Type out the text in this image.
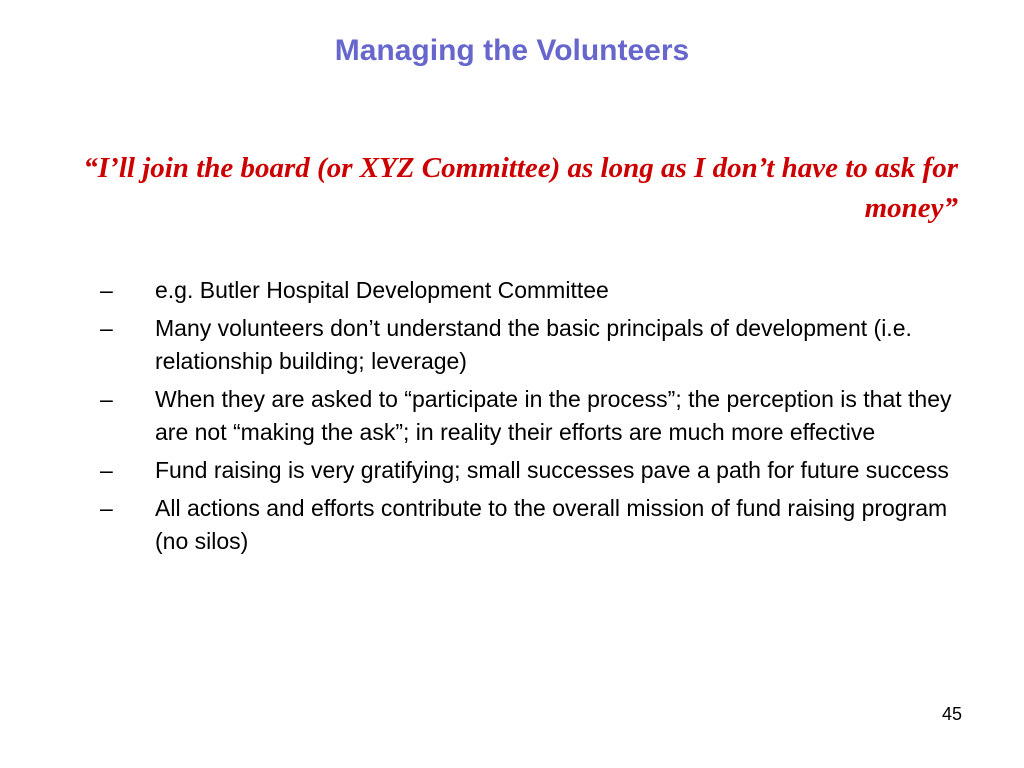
Managing the Volunteers

“I’ll join the board (or XYZ Committee) as long as I don’t have to ask for money”

– e.g. Butler Hospital Development Committee
– Many volunteers don’t understand the basic principals of development (i.e. relationship building; leverage)
– When they are asked to “participate in the process”; the perception is that they are not “making the ask”; in reality their efforts are much more effective
– Fund raising is very gratifying; small successes pave a path for future success
– All actions and efforts contribute to the overall mission of fund raising program (no silos)
45
